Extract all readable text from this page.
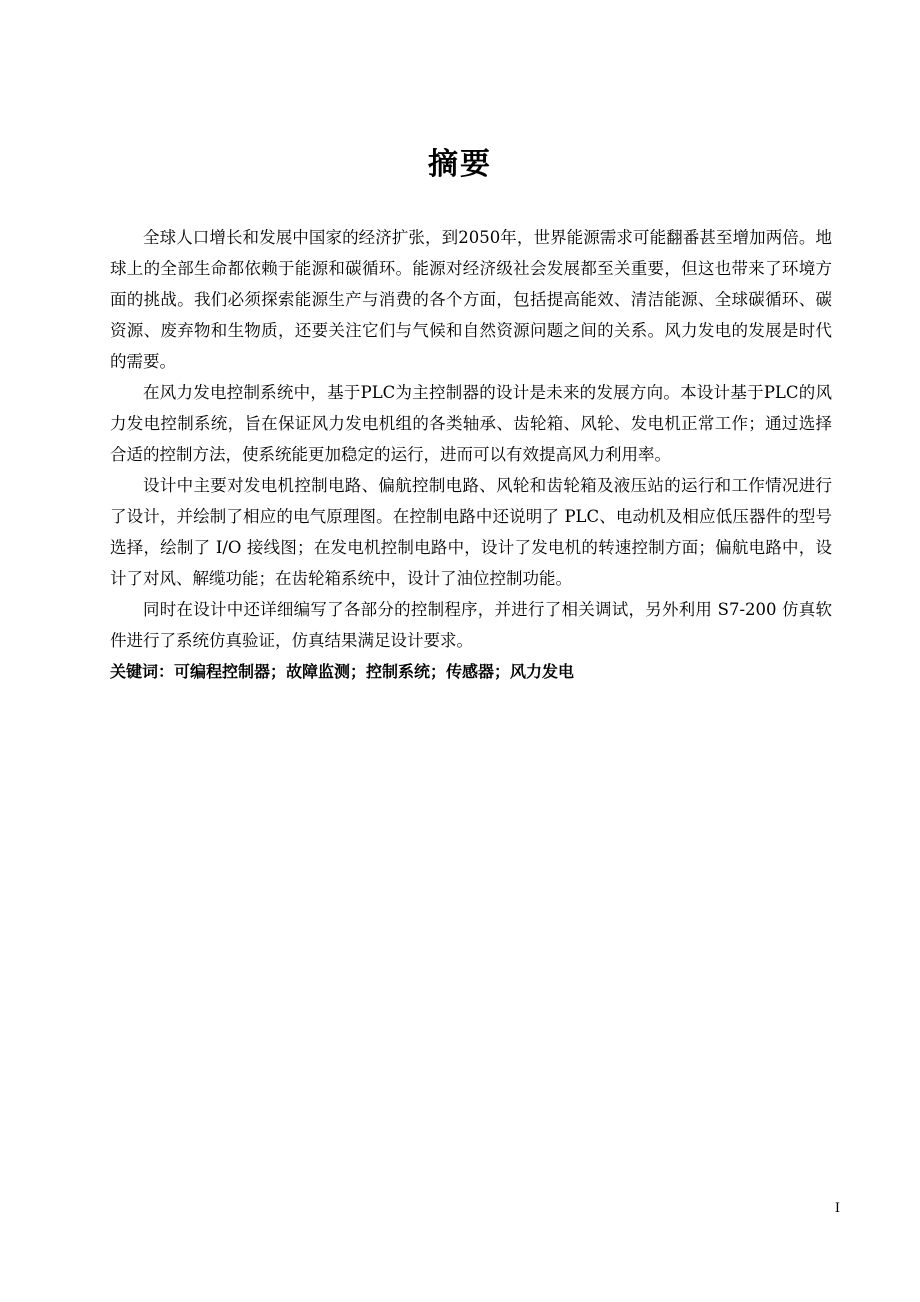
摘要

全球人口增长和发展中国家的经济扩张，到2050年，世界能源需求可能翻番甚至增加两倍。地球上的全部生命都依赖于能源和碳循环。能源对经济级社会发展都至关重要，但这也带来了环境方面的挑战。我们必须探索能源生产与消费的各个方面，包括提高能效、清洁能源、全球碳循环、碳资源、废弃物和生物质，还要关注它们与气候和自然资源问题之间的关系。风力发电的发展是时代的需要。

在风力发电控制系统中，基于PLC为主控制器的设计是未来的发展方向。本设计基于PLC的风力发电控制系统，旨在保证风力发电机组的各类轴承、齿轮箱、风轮、发电机正常工作；通过选择合适的控制方法，使系统能更加稳定的运行，进而可以有效提高风力利用率。

设计中主要对发电机控制电路、偏航控制电路、风轮和齿轮箱及液压站的运行和工作情况进行了设计，并绘制了相应的电气原理图。在控制电路中还说明了 PLC、电动机及相应低压器件的型号选择，绘制了 I/O 接线图；在发电机控制电路中，设计了发电机的转速控制方面；偏航电路中，设计了对风、解缆功能；在齿轮箱系统中，设计了油位控制功能。

同时在设计中还详细编写了各部分的控制程序，并进行了相关调试，另外利用 S7-200 仿真软件进行了系统仿真验证，仿真结果满足设计要求。

关键词：可编程控制器；故障监测；控制系统；传感器；风力发电

I
